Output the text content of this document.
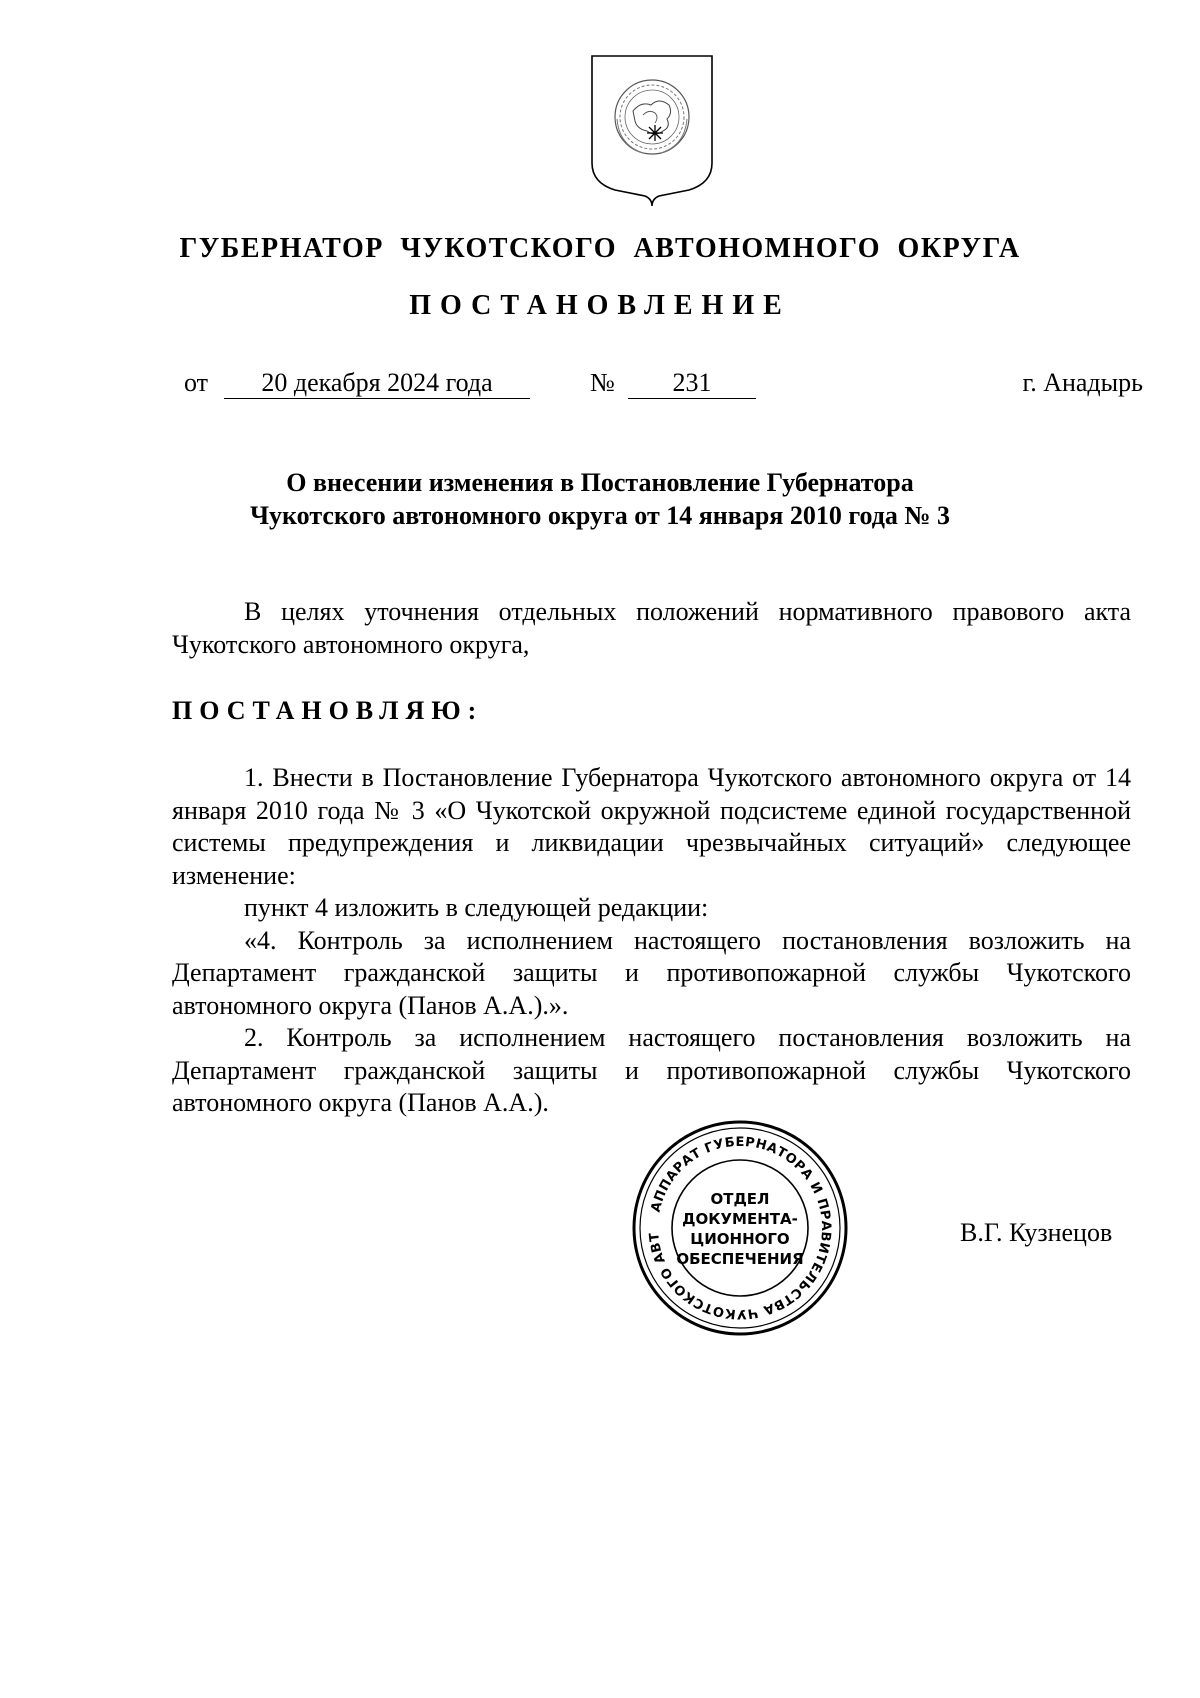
ГУБЕРНАТОР ЧУКОТСКОГО АВТОНОМНОГО ОКРУГА
ПОСТАНОВЛЕНИЕ
от	20 декабря 2024 года	№	231	г. Анадырь
О внесении изменения в Постановление Губернатора
Чукотского автономного округа от 14 января 2010 года № 3

В целях уточнения отдельных положений нормативного правового акта Чукотского автономного округа,

ПОСТАНОВЛЯЮ:

1. Внести в Постановление Губернатора Чукотского автономного округа от 14 января 2010 года № 3 «О Чукотской окружной подсистеме единой государственной системы предупреждения и ликвидации чрезвычайных ситуаций» следующее изменение:

пункт 4 изложить в следующей редакции:

«4. Контроль за исполнением настоящего постановления возложить на Департамент гражданской защиты и противопожарной службы Чукотского автономного округа (Панов А.А.).».

2. Контроль за исполнением настоящего постановления возложить на Департамент гражданской защиты и противопожарной службы Чукотского автономного округа (Панов А.А.).

АППАРАТ ГУБЕРНАТОРА И ПРАВИТЕЛЬСТВА ЧУКОТСКОГО АВТ
ОТДЕЛ
ДОКУМЕНТА-
ЦИОННОГО
ОБЕСПЕЧЕНИЯ
В.Г. Кузнецов
